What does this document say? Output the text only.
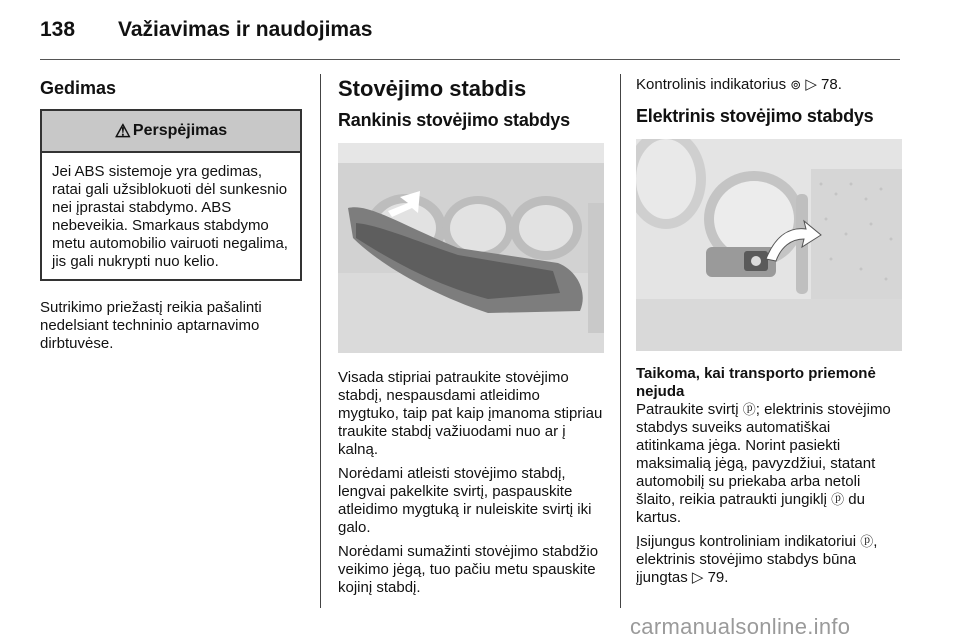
138 Važiavimas ir naudojimas
Gedimas
⚠ Perspėjimas
Jei ABS sistemoje yra gedimas, ratai gali užsiblokuoti dėl sunkesnio nei įprastai stabdymo. ABS nebeveikia. Smarkaus stabdymo metu automobilio vairuoti negalima, jis gali nukrypti nuo kelio.

Sutrikimo priežastį reikia pašalinti nedelsiant techninio aptarnavimo dirbtuvėse.

Stovėjimo stabdis
Rankinis stovėjimo stabdys

Visada stipriai patraukite stovėjimo stabdį, nespausdami atleidimo mygtuko, taip pat kaip įmanoma stipriau traukite stabdį važiuodami nuo ar į kalną.

Norėdami atleisti stovėjimo stabdį, lengvai pakelkite svirtį, paspauskite atleidimo mygtuką ir nuleiskite svirtį iki galo.

Norėdami sumažinti stovėjimo stabdžio veikimo jėgą, tuo pačiu metu spauskite kojinį stabdį.

Kontrolinis indikatorius ⊚ ▷ 78.

Elektrinis stovėjimo stabdys

Taikoma, kai transporto priemonė nejuda

Patraukite svirtį ⓟ; elektrinis stovėjimo stabdys suveiks automatiškai atitinkama jėga. Norint pasiekti maksimalią jėgą, pavyzdžiui, statant automobilį su priekaba arba netoli šlaito, reikia patraukti jungiklį ⓟ du kartus.

Įsijungus kontroliniam indikatoriui ⓟ, elektrinis stovėjimo stabdys būna įjungtas ▷ 79.

carmanualsonline.info
